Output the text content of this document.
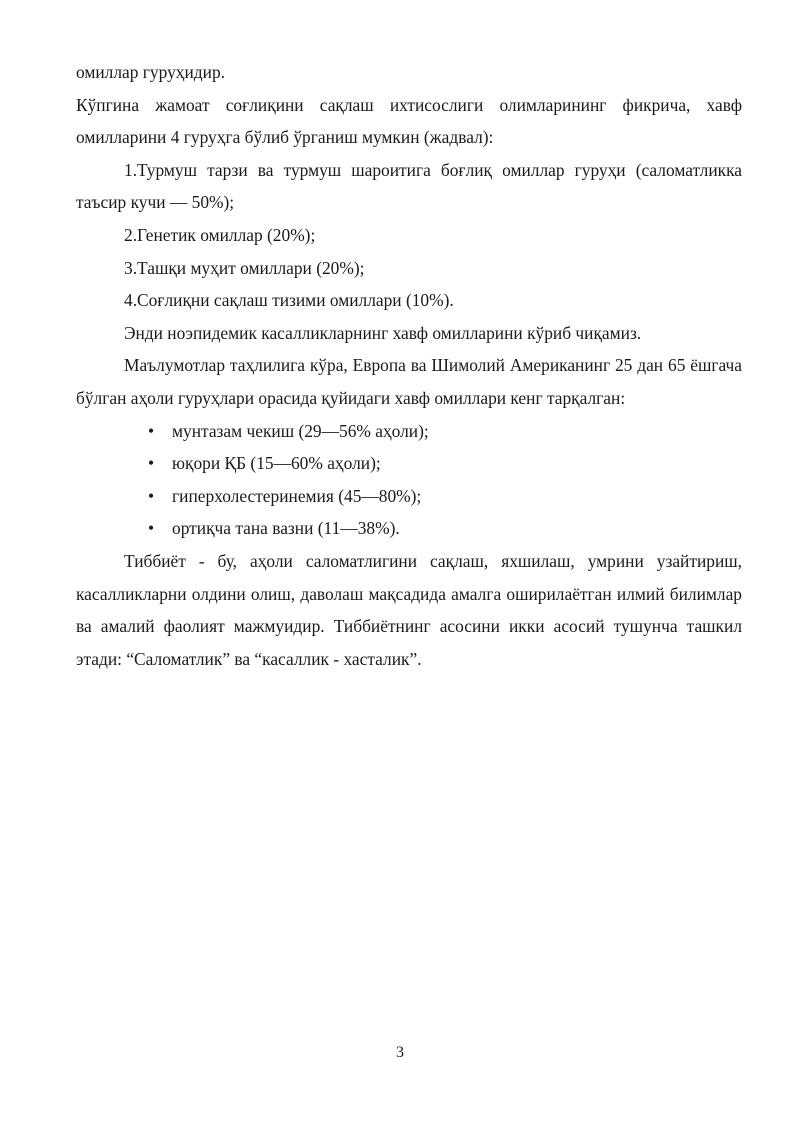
омиллар гуруҳидир.

Кўпгина жамоат соғлиқини сақлаш ихтисослиги олимларининг фикрича, хавф омилларини 4 гуруҳга бўлиб ўрганиш мумкин (жадвал):

1.Турмуш тарзи ва турмуш шароитига боғлиқ омиллар гуруҳи (саломатликка таъсир кучи — 50%);

2.Генетик омиллар (20%);

3.Ташқи муҳит омиллари (20%);

4.Соғлиқни сақлаш тизими омиллари (10%).

Энди ноэпидемик касалликларнинг хавф омилларини кўриб чиқамиз.

Маълумотлар таҳлилига кўра, Европа ва Шимолий Американинг 25 дан 65 ёшгача бўлган аҳоли гуруҳлари орасида қуйидаги хавф омиллари кенг тарқалган:

• мунтазам чекиш (29—56% аҳоли);
• юқори ҚБ (15—60% аҳоли);
• гиперхолестеринемия (45—80%);
• ортиқча тана вазни (11—38%).

Тиббиёт - бу, аҳоли саломатлигини сақлаш, яхшилаш, умрини узайтириш, касалликларни олдини олиш, даволаш мақсадида амалга оширилаётган илмий билимлар ва амалий фаолият мажмуидир. Тиббиётнинг асосини икки асосий тушунча ташкил этади: “Саломатлик” ва “касаллик - хасталик”.

3
